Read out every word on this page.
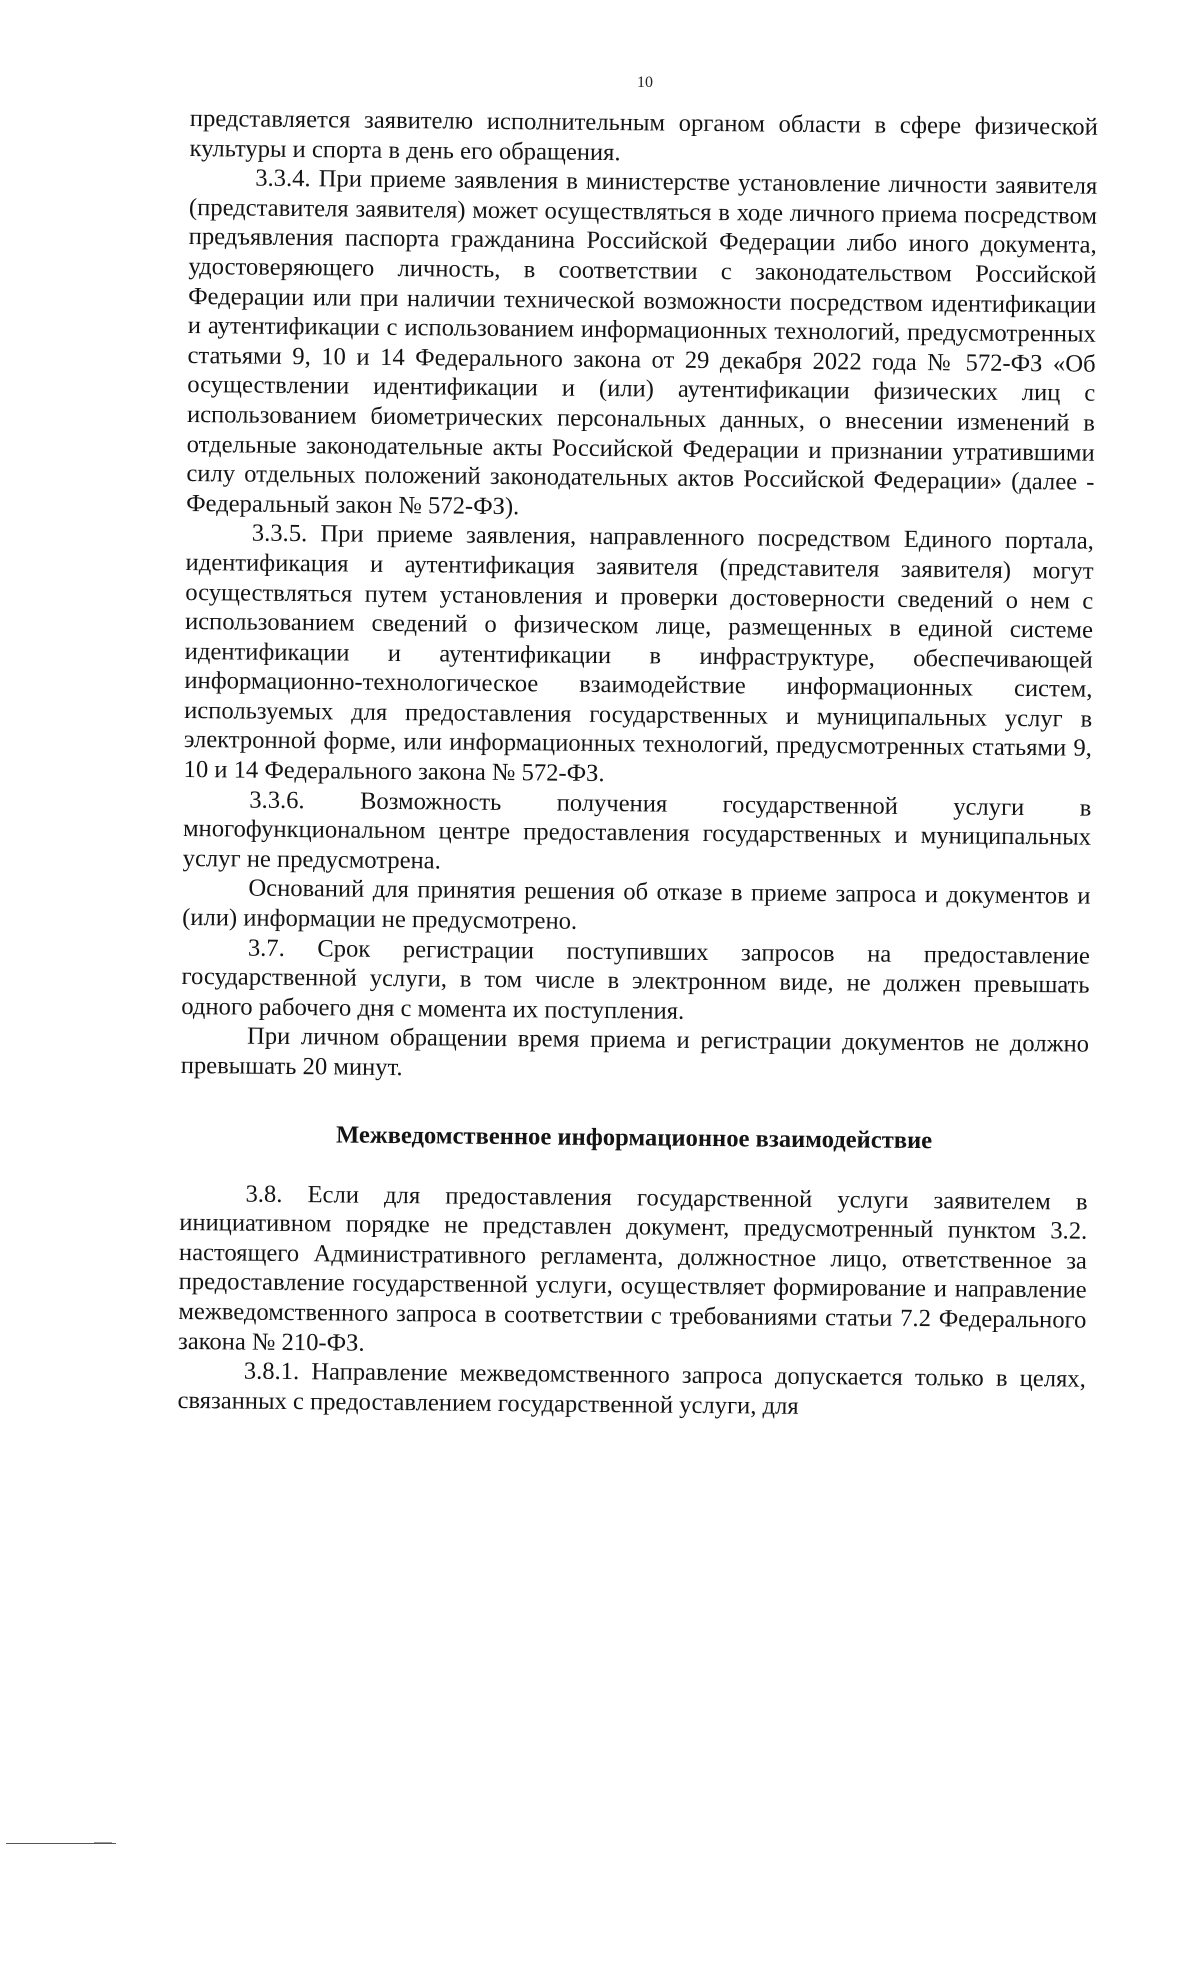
10

представляется заявителю исполнительным органом области в сфере физической культуры и спорта в день его обращения.

3.3.4. При приеме заявления в министерстве установление личности заявителя (представителя заявителя) может осуществляться в ходе личного приема посредством предъявления паспорта гражданина Российской Федерации либо иного документа, удостоверяющего личность, в соответствии с законодательством Российской Федерации или при наличии технической возможности посредством идентификации и аутентификации с использованием информационных технологий, предусмотренных статьями 9, 10 и 14 Федерального закона от 29 декабря 2022 года № 572-ФЗ «Об осуществлении идентификации и (или) аутентификации физических лиц с использованием биометрических персональных данных, о внесении изменений в отдельные законодательные акты Российской Федерации и признании утратившими силу отдельных положений законодательных актов Российской Федерации» (далее - Федеральный закон № 572-ФЗ).

3.3.5. При приеме заявления, направленного посредством Единого портала, идентификация и аутентификация заявителя (представителя заявителя) могут осуществляться путем установления и проверки достоверности сведений о нем с использованием сведений о физическом лице, размещенных в единой системе идентификации и аутентификации в инфраструктуре, обеспечивающей информационно-технологическое взаимодействие информационных систем, используемых для предоставления государственных и муниципальных услуг в электронной форме, или информационных технологий, предусмотренных статьями 9, 10 и 14 Федерального закона № 572-ФЗ.

3.3.6. Возможность получения государственной услуги в многофункциональном центре предоставления государственных и муниципальных услуг не предусмотрена.

Оснований для принятия решения об отказе в приеме запроса и документов и (или) информации не предусмотрено.

3.7. Срок регистрации поступивших запросов на предоставление государственной услуги, в том числе в электронном виде, не должен превышать одного рабочего дня с момента их поступления.

При личном обращении время приема и регистрации документов не должно превышать 20 минут.

Межведомственное информационное взаимодействие

3.8. Если для предоставления государственной услуги заявителем в инициативном порядке не представлен документ, предусмотренный пунктом 3.2. настоящего Административного регламента, должностное лицо, ответственное за предоставление государственной услуги, осуществляет формирование и направление межведомственного запроса в соответствии с требованиями статьи 7.2 Федерального закона № 210-ФЗ.

3.8.1. Направление межведомственного запроса допускается только в целях, связанных с предоставлением государственной услуги, для
